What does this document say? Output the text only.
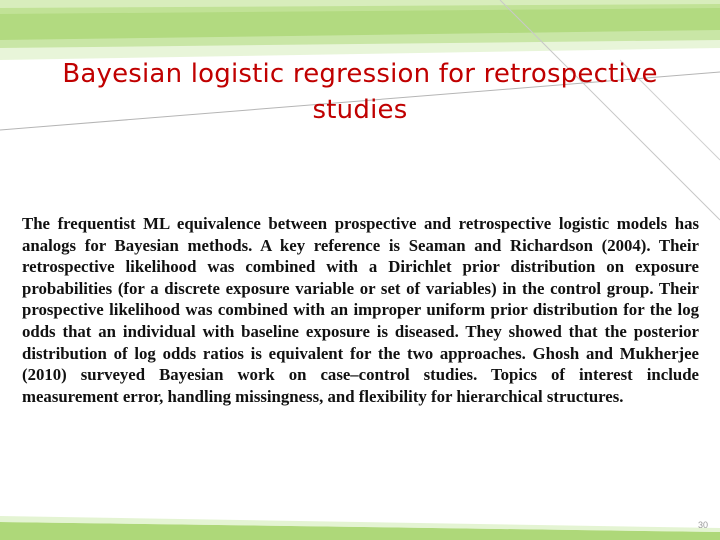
Bayesian logistic regression for retrospective
studies

The frequentist ML equivalence between prospective and retrospective logistic models has analogs for Bayesian methods. A key reference is Seaman and Richardson (2004). Their retrospective likelihood was combined with a Dirichlet prior distribution on exposure probabilities (for a discrete exposure variable or set of variables) in the control group. Their prospective likelihood was combined with an improper uniform prior distribution for the log odds that an individual with baseline exposure is diseased. They showed that the posterior distribution of log odds ratios is equivalent for the two approaches. Ghosh and Mukherjee (2010) surveyed Bayesian work on case–control studies. Topics of interest include measurement error, handling missingness, and flexibility for hierarchical structures.

30
